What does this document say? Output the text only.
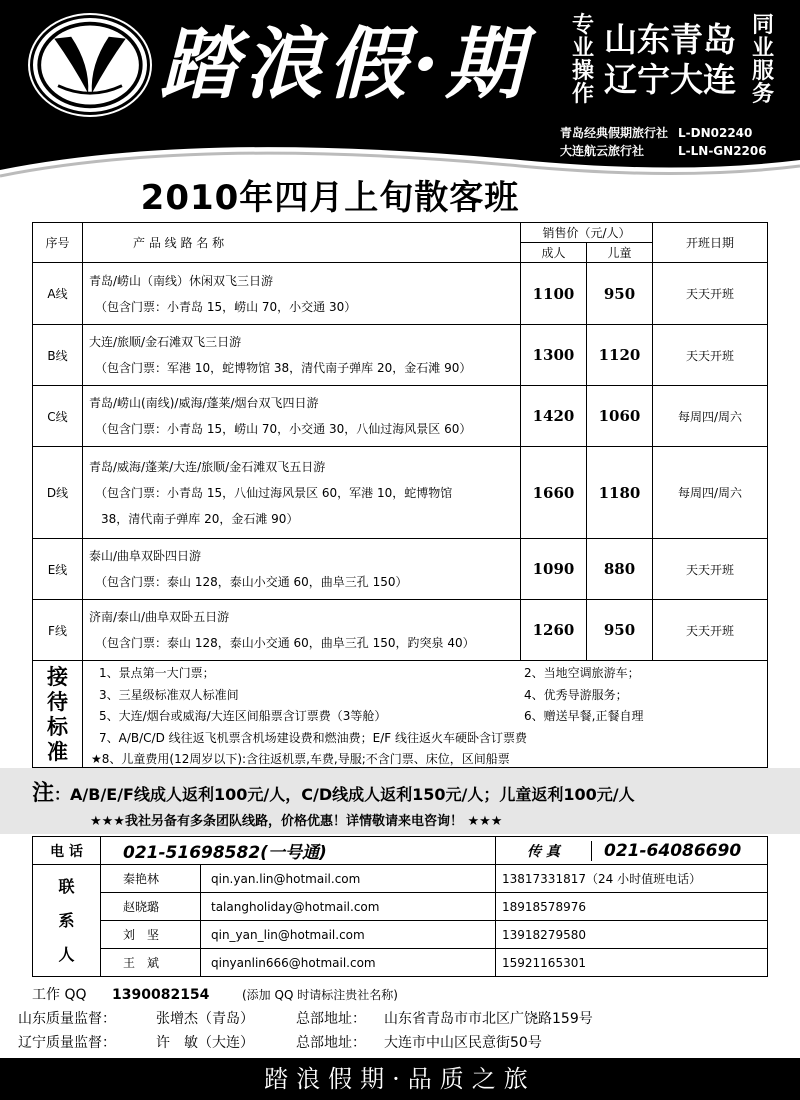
踏浪假·期	专
业
操
作
山东青岛
辽宁大连
同
业
服
务
青岛经典假期旅行社 L-DN02240
大连航云旅行社	L-LN-GN2206
2010年四月上旬散客班
序号	产 品 线 路 名 称	销售价（元/人）		开班日期
		成人	儿童	
A线	青岛/崂山（南线）休闲双飞三日游
（包含门票：小青岛 15，崂山 70，小交通 30）	1100	950	天天开班
B线	大连/旅顺/金石滩双飞三日游
（包含门票：军港 10，蛇博物馆 38，清代南子弹库 20，金石滩 90）	1300	1120	天天开班
C线	青岛/崂山(南线)/威海/蓬莱/烟台双飞四日游
（包含门票：小青岛 15，崂山 70，小交通 30，八仙过海风景区 60）	1420	1060	每周四/周六
D线	青岛/威海/蓬莱/大连/旅顺/金石滩双飞五日游
（包含门票：小青岛 15，八仙过海风景区 60，军港 10，蛇博物馆
38，清代南子弹库 20，金石滩 90）	1660	1180	每周四/周六
E线	泰山/曲阜双卧四日游
（包含门票：泰山 128，泰山小交通 60，曲阜三孔 150）	1090	880	天天开班
F线	济南/泰山/曲阜双卧五日游
（包含门票：泰山 128，泰山小交通 60，曲阜三孔 150，趵突泉 40）	1260	950	天天开班
接
待
标
准
1、景点第一大门票；	2、当地空调旅游车；
3、三星级标准双人标准间	4、优秀导游服务；
5、大连/烟台或威海/大连区间船票含订票费（3等舱）	6、赠送早餐,正餐自理
7、A/B/C/D 线往返飞机票含机场建设费和燃油费；E/F 线往返火车硬卧含订票费
★8、儿童费用(12周岁以下):含往返机票,车费,导服;不含门票、床位，区间船票
注：A/B/E/F线成人返利100元/人，C/D线成人返利150元/人；儿童返利100元/人
★★★我社另备有多条团队线路，价格优惠！详情敬请来电咨询！ ★★★
电 话	021-51698582(一号通)		传 真 021-64086690

联
系
人	秦艳林	qin.yan.lin@hotmail.com	13817331817（24 小时值班电话）
	赵晓璐	talangholiday@hotmail.com	18918578976
	刘　坚	qin_yan_lin@hotmail.com	13918279580
	王　斌	qinyanlin666@hotmail.com	15921165301
工作 QQ 1390082154	(添加 QQ 时请标注贵社名称)
山东质量监督：	张增杰（青岛）	总部地址： 山东省青岛市市北区广饶路159号
辽宁质量监督：	许　敏（大连）	总部地址： 大连市中山区民意街50号
踏浪假期·品质之旅
